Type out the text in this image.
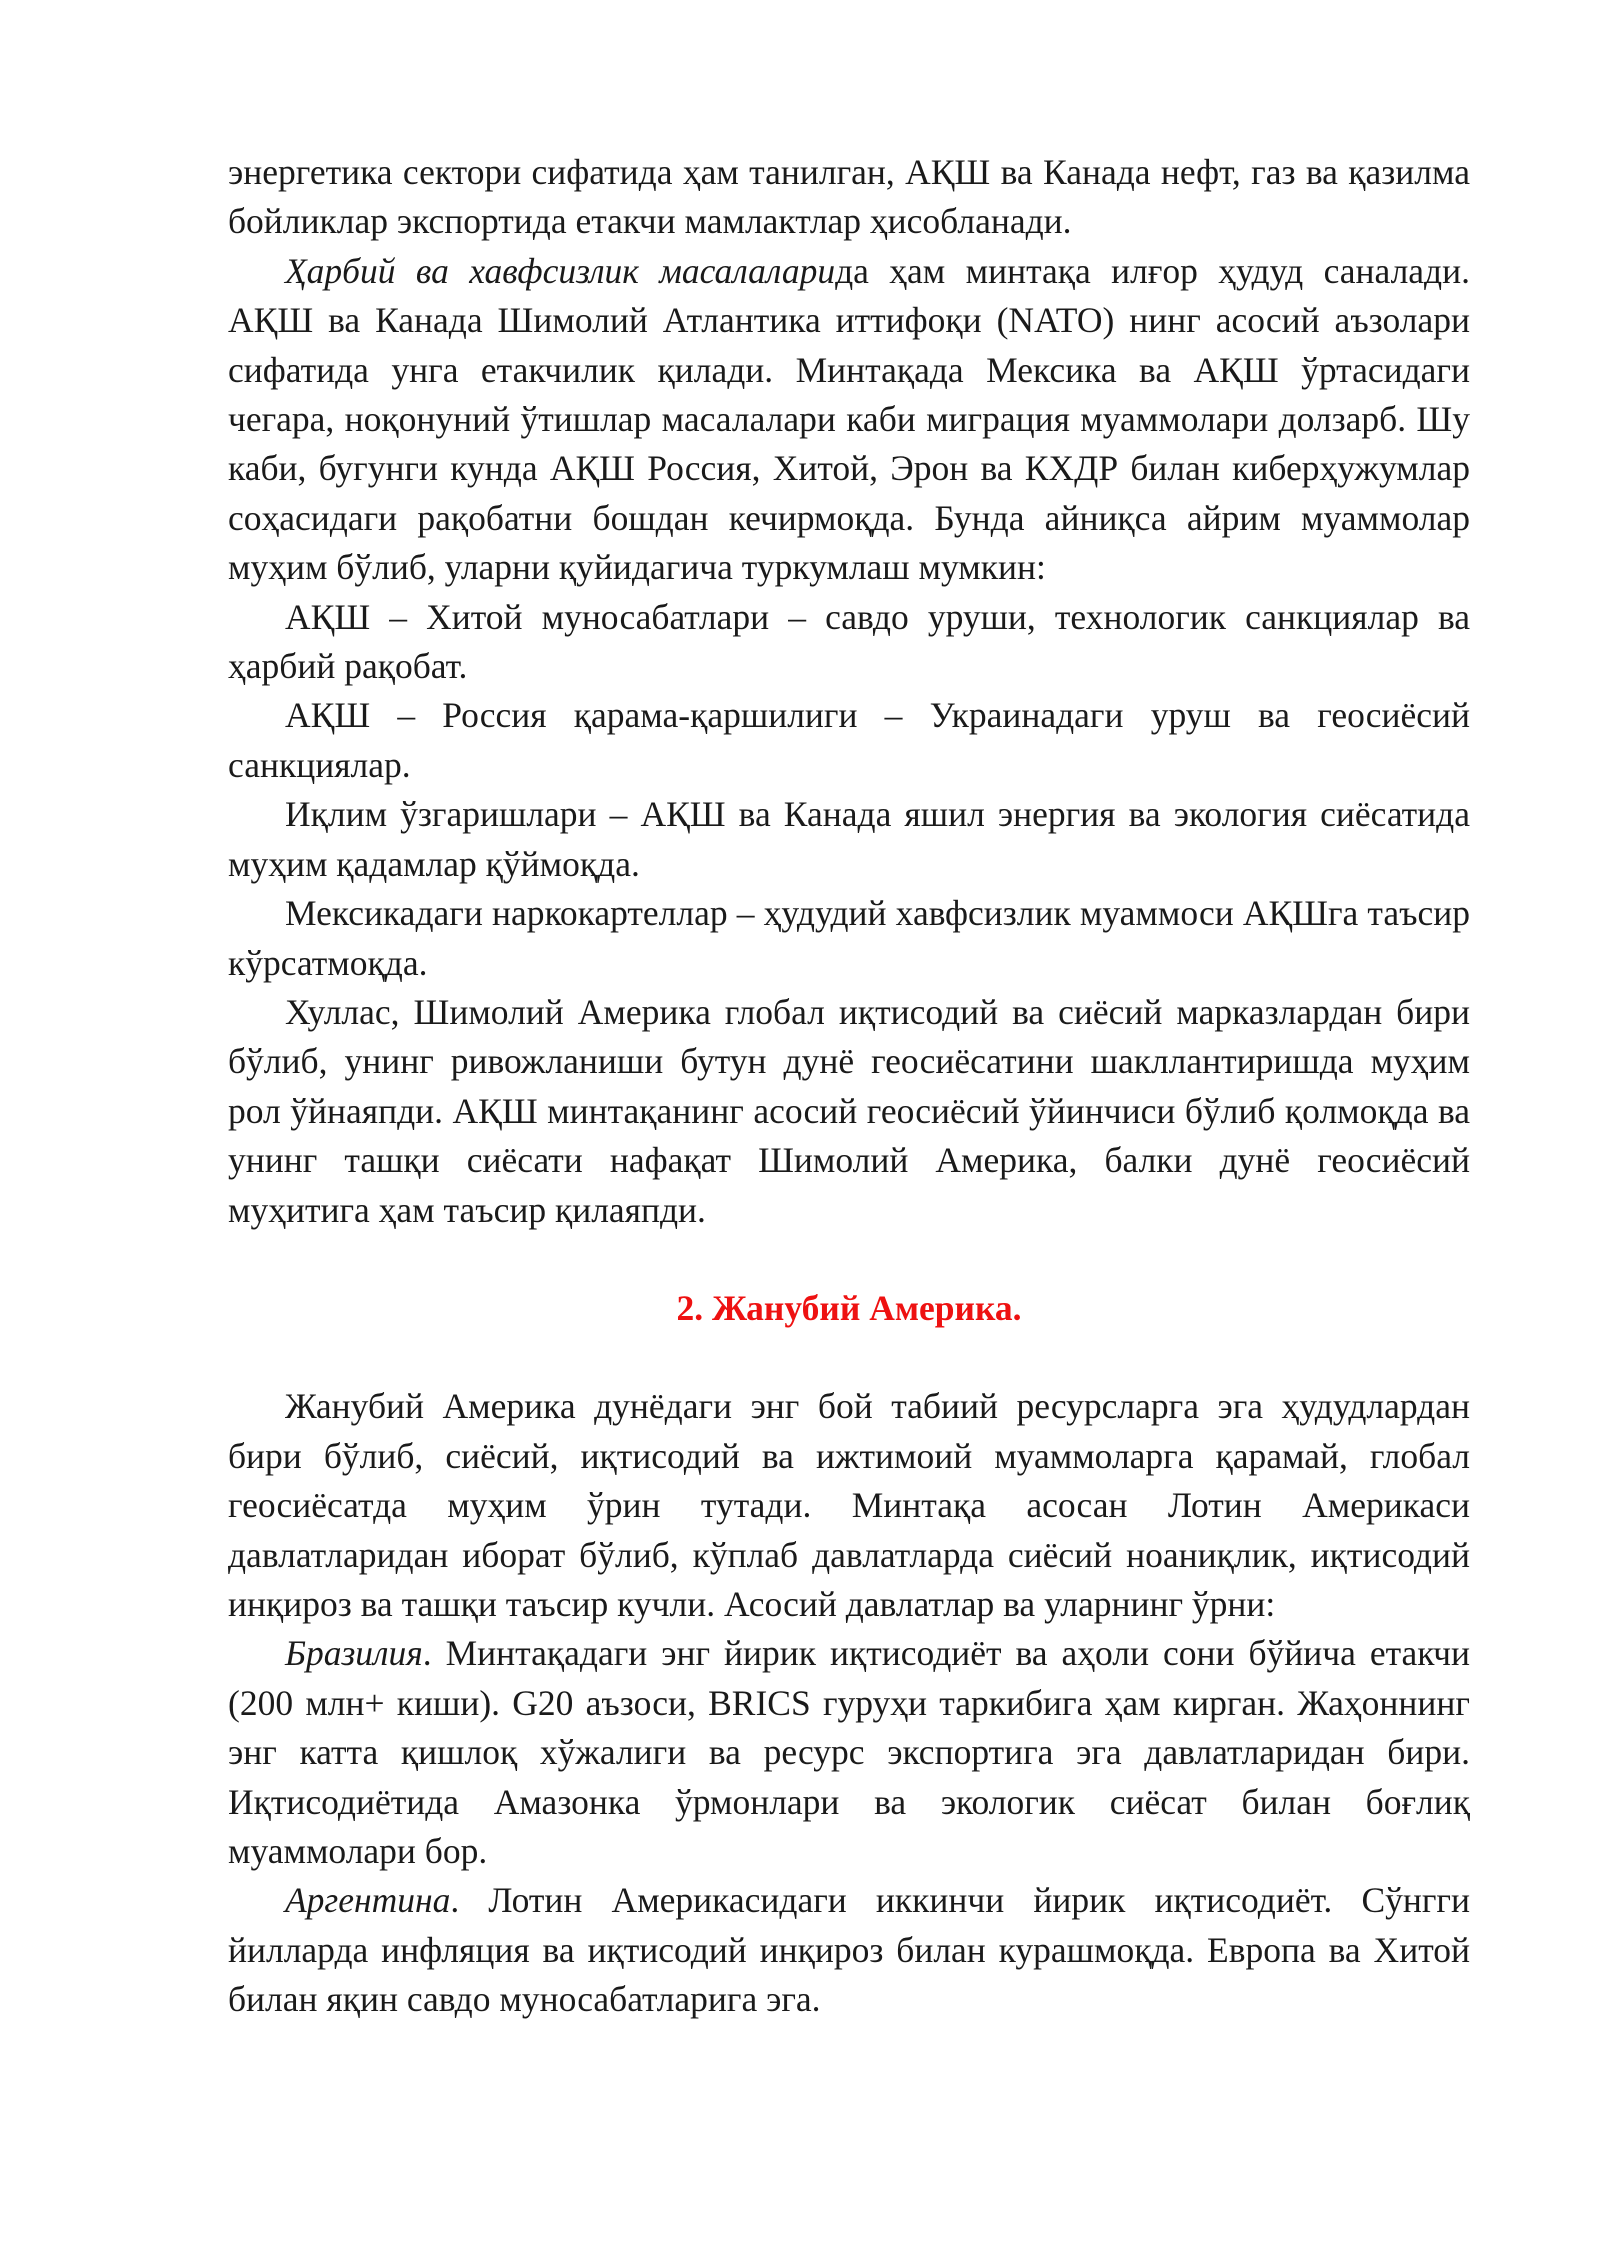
энергетика сектори сифатида ҳам танилган, АҚШ ва Канада нефт, газ ва қазилма бойликлар экспортида етакчи мамлактлар ҳисобланади.

Ҳарбий ва хавфсизлик масалаларида ҳам минтақа илғор ҳудуд саналади. АҚШ ва Канада Шимолий Атлантика иттифоқи (NATO) нинг асосий аъзолари сифатида унга етакчилик қилади. Минтақада Мексика ва АҚШ ўртасидаги чегара, ноқонуний ўтишлар масалалари каби миграция муаммолари долзарб. Шу каби, бугунги кунда АҚШ Россия, Хитой, Эрон ва КХДР билан киберҳужумлар соҳасидаги рақобатни бошдан кечирмоқда. Бунда айниқса айрим муаммолар муҳим бўлиб, уларни қуйидагича туркумлаш мумкин:

АҚШ – Хитой муносабатлари – савдо уруши, технологик санкциялар ва ҳарбий рақобат.

АҚШ – Россия қарама-қаршилиги – Украинадаги уруш ва геосиёсий санкциялар.

Иқлим ўзгаришлари – АҚШ ва Канада яшил энергия ва экология сиёсатида муҳим қадамлар қўймоқда.

Мексикадаги наркокартеллар – ҳудудий хавфсизлик муаммоси АҚШга таъсир кўрсатмоқда.

Хуллас, Шимолий Америка глобал иқтисодий ва сиёсий марказлардан бири бўлиб, унинг ривожланиши бутун дунё геосиёсатини шакллантиришда муҳим рол ўйнаяпди. АҚШ минтақанинг асосий геосиёсий ўйинчиси бўлиб қолмоқда ва унинг ташқи сиёсати нафақат Шимолий Америка, балки дунё геосиёсий муҳитига ҳам таъсир қилаяпди.

2. Жанубий Америка.

Жанубий Америка дунёдаги энг бой табиий ресурсларга эга ҳудудлардан бири бўлиб, сиёсий, иқтисодий ва ижтимоий муаммоларга қарамай, глобал геосиёсатда муҳим ўрин тутади. Минтақа асосан Лотин Америкаси давлатларидан иборат бўлиб, кўплаб давлатларда сиёсий ноаниқлик, иқтисодий инқироз ва ташқи таъсир кучли. Асосий давлатлар ва уларнинг ўрни:

Бразилия. Минтақадаги энг йирик иқтисодиёт ва аҳоли сони бўйича етакчи (200 млн+ киши). G20 аъзоси, BRICS гуруҳи таркибига ҳам кирган. Жаҳоннинг энг катта қишлоқ хўжалиги ва ресурс экспортига эга давлатларидан бири. Иқтисодиётида Амазонка ўрмонлари ва экологик сиёсат билан боғлиқ муаммолари бор.

Аргентина. Лотин Америкасидаги иккинчи йирик иқтисодиёт. Сўнгги йилларда инфляция ва иқтисодий инқироз билан курашмоқда. Европа ва Хитой билан яқин савдо муносабатларига эга.
